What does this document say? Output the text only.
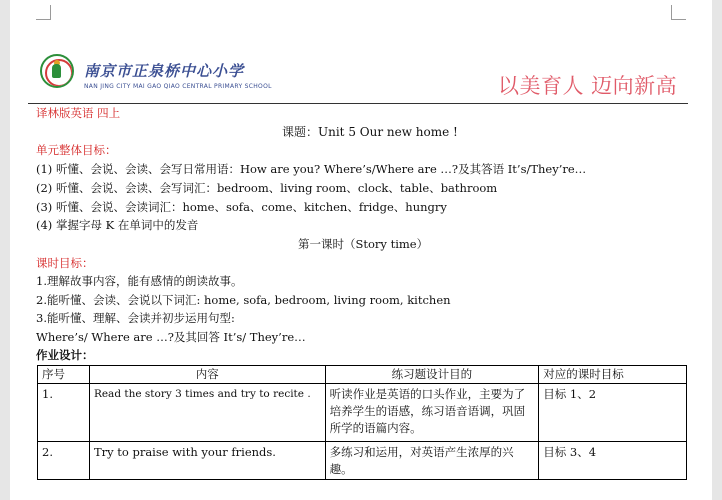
南京市正泉桥中心小学
NAN JING CITY MAI GAO QIAO CENTRAL PRIMARY SCHOOL	以美育人 迈向新高
译林版英语 四上
课题：Unit 5 Our new home !
单元整体目标：
(1) 听懂、会说、会读、会写日常用语：How are you? Where’s/Where are …?及其答语 It’s/They’re…
(2) 听懂、会说、会读、会写词汇：bedroom、living room、clock、table、bathroom
(3) 听懂、会说、会读词汇：home、sofa、come、kitchen、fridge、hungry
(4) 掌握字母 K 在单词中的发音
第一课时（Story time）
课时目标：
1.理解故事内容，能有感情的朗读故事。
2.能听懂、会读、会说以下词汇: home, sofa, bedroom, living room, kitchen
3.能听懂、理解、会读并初步运用句型:
Where’s/ Where are …?及其回答 It’s/ They’re…
作业设计：
序号	内容	练习题设计目的	对应的课时目标
1.	Read the story 3 times and try to recite .	听读作业是英语的口头作业，主要为了培养学生的语感，练习语音语调，巩固所学的语篇内容。	目标 1、2
2.	Try to praise with your friends.	多练习和运用，对英语产生浓厚的兴趣。	目标 3、4
